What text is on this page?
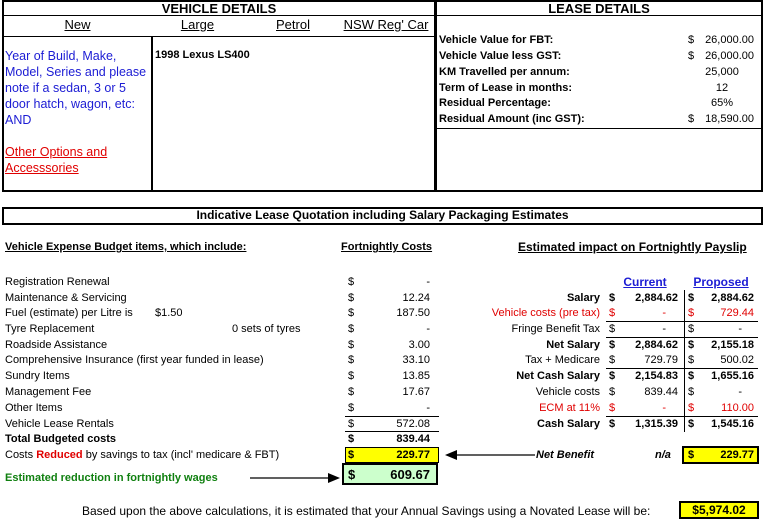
VEHICLE DETAILS
New	Large	Petrol	NSW Reg' Car
Year of Build, Make, Model, Series and please note if a sedan, 3 or 5 door hatch, wagon, etc: AND
Other Options and Accesssories
1998 Lexus LS400
LEASE DETAILS
Vehicle Value for FBT:	$ 26,000.00
Vehicle Value less GST:	$ 26,000.00
KM Travelled per annum:	25,000
Term of Lease in months:	12
Residual Percentage:	65%
Residual Amount (inc GST):	$ 18,590.00
Indicative Lease Quotation including Salary Packaging Estimates
Vehicle Expense Budget items, which include:	Fortnightly Costs	Estimated impact on Fortnightly Payslip
Current	Proposed
Registration Renewal	$	-
Maintenance & Servicing	$	12.24
Fuel (estimate) per Litre is $1.50	$	187.50
Tyre Replacement	0 sets of tyres	$	-
Roadside Assistance	$	3.00
Comprehensive Insurance (first year funded in lease)	$	33.10
Sundry Items	$	13.85
Management Fee	$	17.67
Other Items	$	-
Vehicle Lease Rentals	$	572.08
Total Budgeted costs	$	839.44
Costs Reduced by savings to tax (incl' medicare & FBT)	$	229.77
Estimated reduction in fortnightly wages	$	609.67
Salary $	2,884.62 $	2,884.62
Vehicle costs (pre tax) $	- $	729.44
Fringe Benefit Tax $	- $	-
Net Salary $	2,884.62 $	2,155.18
Tax + Medicare $	729.79 $	500.02
Net Cash Salary $	2,154.83 $	1,655.16
Vehicle costs $	839.44 $	-
ECM at 11% $	- $	110.00
Cash Salary $	1,315.39 $	1,545.16
Net Benefit	n/a $	229.77
Based upon the above calculations, it is estimated that your Annual Savings using a Novated Lease will be:	$5,974.02
